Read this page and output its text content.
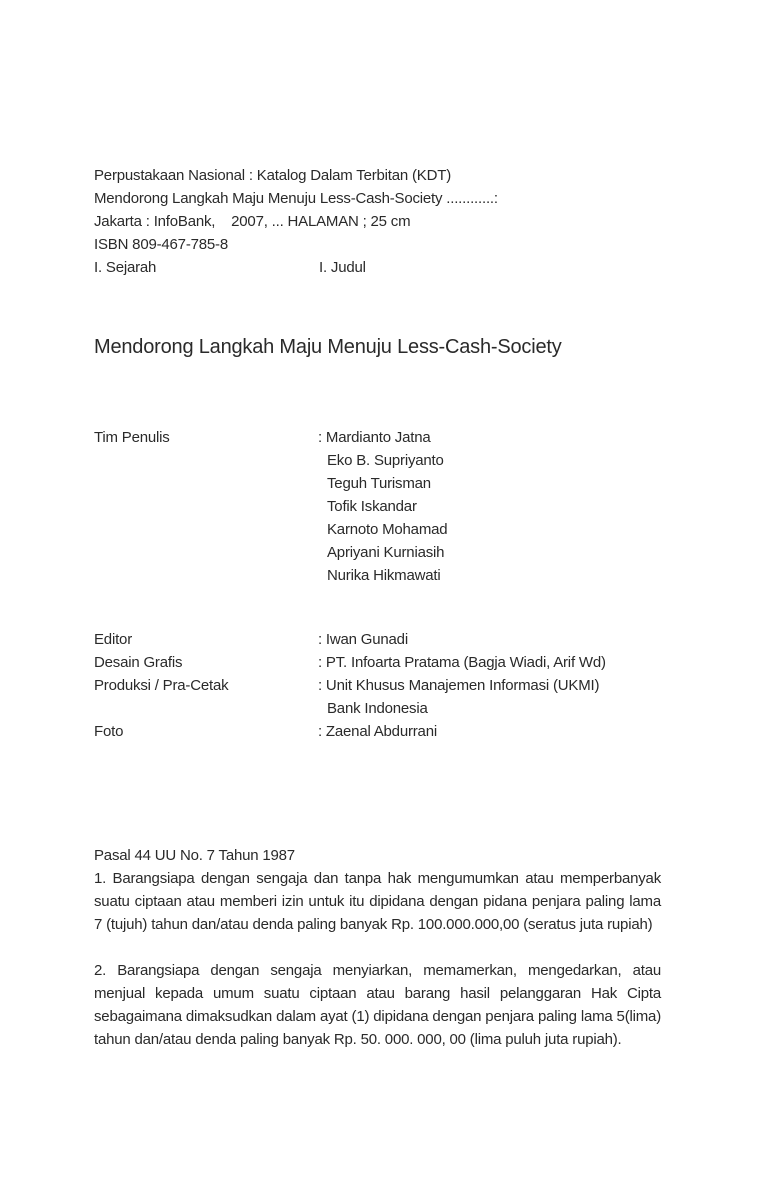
Perpustakaan Nasional : Katalog Dalam Terbitan (KDT)
Mendorong Langkah Maju Menuju Less-Cash-Society ............:
Jakarta : InfoBank,    2007, ... HALAMAN ; 25 cm
ISBN 809-467-785-8
I. Sejarah	I. Judul
Mendorong Langkah Maju Menuju Less-Cash-Society
Tim Penulis	: Mardianto Jatna
Eko B. Supriyanto
Teguh Turisman
Tofik Iskandar
Karnoto Mohamad
Apriyani Kurniasih
Nurika Hikmawati
Editor	: Iwan Gunadi
Desain Grafis	: PT. Infoarta Pratama (Bagja Wiadi, Arif Wd)
Produksi / Pra-Cetak	: Unit Khusus Manajemen Informasi (UKMI)
Bank Indonesia
Foto	: Zaenal Abdurrani
Pasal 44 UU No. 7 Tahun 1987

1. Barangsiapa dengan sengaja dan tanpa hak mengumumkan atau memperbanyak suatu ciptaan atau memberi izin untuk itu dipidana dengan pidana penjara paling lama 7 (tujuh) tahun dan/atau denda paling banyak Rp. 100.000.000,00 (seratus juta rupiah)

2. Barangsiapa dengan sengaja menyiarkan, memamerkan, mengedarkan, atau menjual kepada umum suatu ciptaan atau barang hasil pelanggaran Hak Cipta sebagaimana dimaksudkan dalam ayat (1) dipidana dengan penjara paling lama 5(lima) tahun dan/atau denda paling banyak Rp. 50. 000. 000, 00 (lima puluh juta rupiah).
